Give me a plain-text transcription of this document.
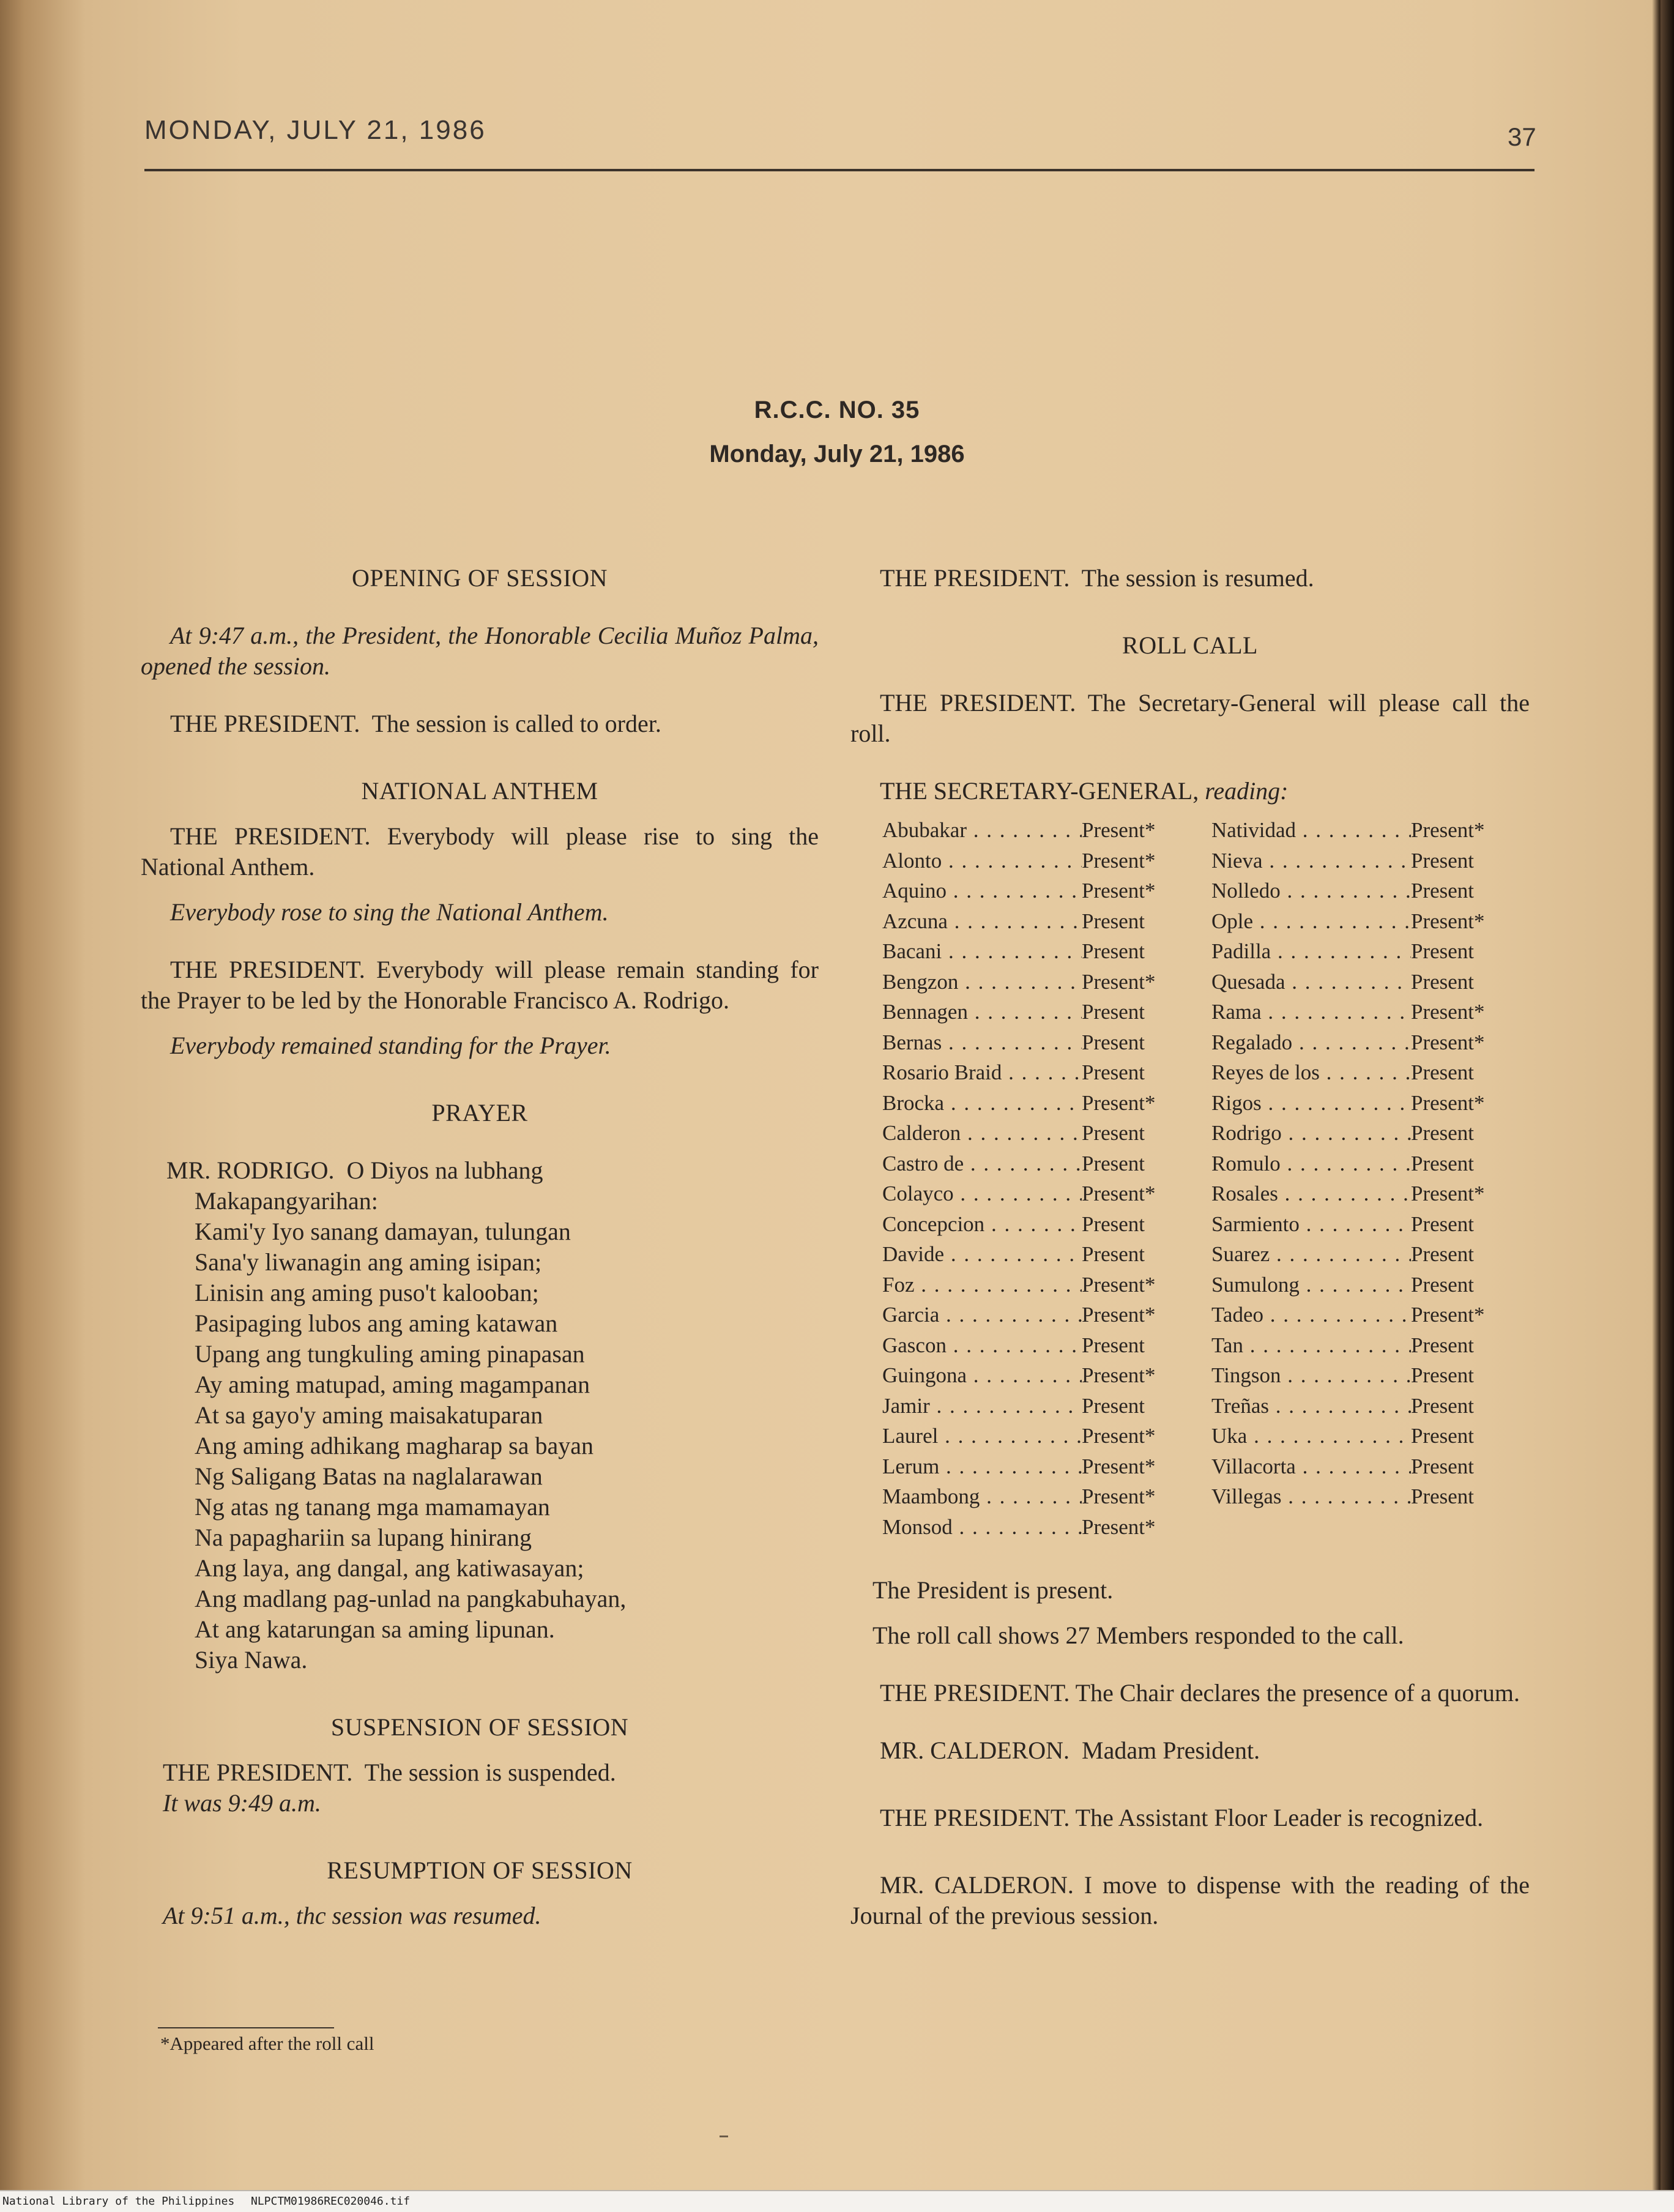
MONDAY, JULY 21, 1986	37
R.C.C. NO. 35
Monday, July 21, 1986

OPENING OF SESSION

At 9:47 a.m., the President, the Honorable Cecilia Muñoz Palma, opened the session.

THE PRESIDENT. The session is called to order.

NATIONAL ANTHEM

THE PRESIDENT. Everybody will please rise to sing the National Anthem.

Everybody rose to sing the National Anthem.

THE PRESIDENT. Everybody will please remain standing for the Prayer to be led by the Honorable Francisco A. Rodrigo.

Everybody remained standing for the Prayer.

PRAYER

MR. RODRIGO. O Diyos na lubhang

Makapangyarihan:

Kami'y Iyo sanang damayan, tulungan

Sana'y liwanagin ang aming isipan;

Linisin ang aming puso't kalooban;

Pasipaging lubos ang aming katawan

Upang ang tungkuling aming pinapasan

Ay aming matupad, aming magampanan

At sa gayo'y aming maisakatuparan

Ang aming adhikang magharap sa bayan

Ng Saligang Batas na naglalarawan

Ng atas ng tanang mga mamamayan

Na papaghariin sa lupang hinirang

Ang laya, ang dangal, ang katiwasayan;

Ang madlang pag-unlad na pangkabuhayan,

At ang katarungan sa aming lipunan.

Siya Nawa.

SUSPENSION OF SESSION

THE PRESIDENT. The session is suspended.

It was 9:49 a.m.

RESUMPTION OF SESSION

At 9:51 a.m., thc session was resumed.

THE PRESIDENT. The session is resumed.

ROLL CALL

THE PRESIDENT. The Secretary-General will please call the roll.

THE SECRETARY-GENERAL, reading:

Abubakar . . .	Present*
Alonto . . .	Present*
Aquino . . .	Present*
Azcuna . . .	Present
Bacani . . .	Present
Bengzon . . .	Present*
Bennagen . . .	Present
Bernas . . .	Present
Rosario Braid . . .	Present
Brocka . . .	Present*
Calderon . . .	Present
Castro de . . .	Present
Colayco . . .	Present*
Concepcion . . .	Present
Davide . . .	Present
Foz . . .	Present*
Garcia . . .	Present*
Gascon . . .	Present
Guingona . . .	Present*
Jamir . . .	Present
Laurel . . .	Present*
Lerum . . .	Present*
Maambong . . .	Present*
Monsod . . .	Present*
Natividad . . .	Present*
Nieva . . .	Present
Nolledo . . .	Present
Ople . . .	Present*
Padilla . . .	Present
Quesada . . .	Present
Rama . . .	Present*
Regalado . . .	Present*
Reyes de los . . .	Present
Rigos . . .	Present*
Rodrigo . . .	Present
Romulo . . .	Present
Rosales . . .	Present*
Sarmiento . . .	Present
Suarez . . .	Present
Sumulong . . .	Present
Tadeo . . .	Present*
Tan . . .	Present
Tingson . . .	Present
Treñas . . .	Present
Uka . . .	Present
Villacorta . . .	Present
Villegas . . .	Present

The President is present.

The roll call shows 27 Members responded to the call.

THE PRESIDENT. The Chair declares the presence of a quorum.

MR. CALDERON. Madam President.

THE PRESIDENT. The Assistant Floor Leader is recognized.

MR. CALDERON. I move to dispense with the reading of the Journal of the previous session.

*Appeared after the roll call
National Library of the Philippines NLPCTM01986REC020046.tif
